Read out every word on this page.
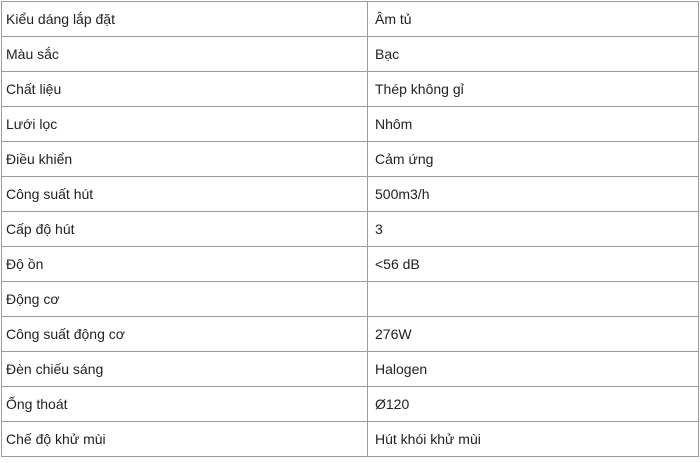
Kiểu dáng lắp đặt	Âm tủ
Màu sắc	Bạc
Chất liệu	Thép không gỉ
Lưới lọc	Nhôm
Điều khiển	Cảm ứng
Công suất hút	500m3/h
Cấp độ hút	3
Độ ồn	<56 dB
Động cơ	
Công suất động cơ	276W
Đèn chiếu sáng	Halogen
Ống thoát	Ø120
Chế độ khử mùi	Hút khói khử mùi
